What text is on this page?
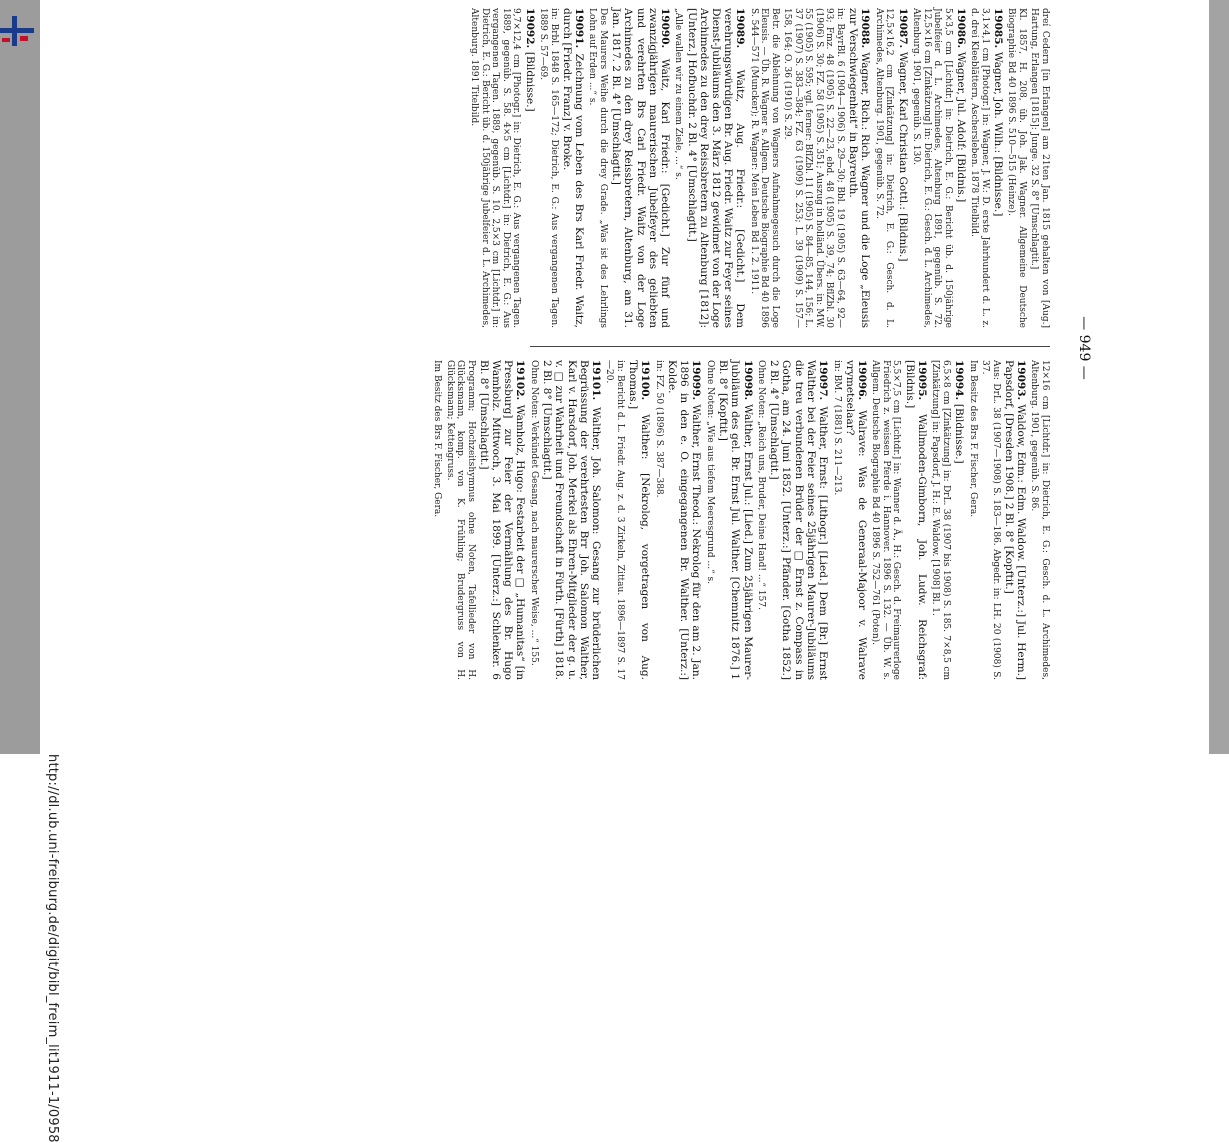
http://dl.ub.uni-freiburg.de/digit/bibl_freim_lit1911-1/0958
— 949 —
dreí Cedern [in Erlangen] am 21ten Jan. 1815 gehalten von [Aug.] Hartung, Erlangen [1815]: Junge. 32 S. 8° [Umschlagtit.]
Kl. 1857, H. 208, üb. Joh. Jak. Wagner. Allgemeine Deutsche Biographie Bd 40 1896 S. 510—515 (Heinze).
19085. Wagner, Joh. Wilh.: [Bildnisse.]
3,1×4,1 cm [Photogr.] in: Wagner, J. W.: D. erste Jahrhundert d. L. z. d. drei Kleeblättern, Aschersleben. 1878 Titelbild.
19086. Wagner, Jul. Adolf: [Bildnis.]
5×3,5 cm [Lichtdr.] in: Dietrich, E. G.: Bericht üb. d. 150jährige Jubelfeier d. L. Archimedes, Altenburg 1891, gegenüb. S. 72. 12,5×16 cm [Zinkätzung] in: Dietrich, E. G.: Gesch. d. L. Archimedes, Altenburg. 1901, gegenüb. S. 130.
19087. Wagner, Karl Christian Gottl.: [Bildnis.]
12,5×16,2 cm [Zinkätzung] in: Dietrich, E. G.: Gesch. d. L. Archimedes, Altenburg. 1901, gegenüb. S. 72.
19088. Wagner, Rich.: Rich. Wagner und die Loge „Eleusis zur Verschwiegenheit“ in Bayreuth.
in: BayrBl. 6 (1904—1906) S. 29—30; Bbl. 19 (1905) S. 63—64, 92—93; Fmz. 48 (1905) S. 22—23, ebd. 48 (1905) S. 39, 74; BflZbl. 30 (1906) S. 30; FZ. 58 (1905) S. 351; Auszug in holländ. Übers. in: MW. 55 (1905) S. 595; vgl. ferner: BflZbl. 11 (1905) S. 84—85, 144, 156; L. 37 (1907) S. 383—384; FZ. 63 (1909) S. 253; L. 39 (1909) S. 157—158, 164; O. 36 (1910) S. 29.
Betr. die Ablehnung von Wagners Aufnahmegesuch durch die Loge Eleusis. — Üb. R. Wagner s. Allgem. Deutsche Biographie Bd 40 1896 S. 544—571 (Muncker); R. Wagner: Mein Leben Bd 1. 2. 1911.
19089. Waitz, Aug. Friedr.: [Gedicht.] Dem verehrungswürdigen Br. Aug. Friedr. Waitz zur Feyer seines Dienst-Jubiläums den 3. März 1812 gewidmet von der Loge Archimedes zu den drey Reissbretern zu Altenburg [1812]: [Unterz.] Hofbuchdr. 2 Bl. 4° [Umschlagtit.]
„Alle wallen wir zu einem Ziele, ...“ s.
19090. Waitz, Karl Friedr.: [Gedicht.] Zur fünf und zwanzigjährigen maurerischen Jubelfeyer des geliebten und verehrten Brs Carl Friedr. Waitz von der Loge Archimedes zu den drey Reissbretern, Altenburg, am 31. Jan. 1817. 2 Bl. 4° [Umschlagtit.]
Des Maurers Weihe durch die drey Grade. „Was ist des Lehrlings Lohn auf Erden ...“ s.
19091. Zeichnung vom Leben des Brs Karl Friedr. Waitz, durch [Friedr. Franz] v. Broke.
in: Brbl. 1848 S. 165—172; Dietrich, E. G.: Aus vergangenen Tagen. 1889 S. 57—69.
19092. [Bildnisse.]
9,7×12,4 cm [Photogr.] in: Dietrich, E. G.: Aus vergangenen Tagen. 1889, gegenüb. S. 58. 4×5 cm [Lichtdr.] in: Dietrich, E. G.: Aus vergangenen Tagen. 1889, gegenüb. S. 10. 2,5×3 cm [Lichtdr.] in: Dietrich, E. G.: Bericht üb. d. 150jährige Jubelfeier d. L. Archimedes, Altenburg. 1891 Titelbild.
12×16 cm [Lichtdr.] in: Dietrich, E. G.: Gesch. d. L. Archimedes, Altenburg. 1901, gegenüb. S. 86.
19093. Waldow, Edm.: Edm. Waldow. [Unterz.:] Jul. Herm.] Papsdorf, [Dresden 1908.] 2 Bl. 8° [Kopftit.]
Aus: DrL. 38 (1907—1908) S. 183—186. Abgedr. in: LH. 20 (1908) S. 37.
Im Besitz des Brs F. Fischer, Gera.
19094. [Bildnisse.]
6,5×8 cm [Zinkätzung] in: DrL. 38 (1907 bis 1908) S. 185. 7×8,5 cm [Zinkätzung] in: Papsdorf, J. H.: E. Waldow. [1908] Bl. 1.
19095. Wallmoden-Gimborn, Joh. Ludw. Reichsgraf: [Bildnis.]
5,5×7,5 cm [Lichtdr.] in: Wanner d. Ä., H.: Gesch. d. Freimaurerloge Friedrich z. weissen Pferde i. Hannover. 1896 S. 132. — Üb. W. s. Allgem. Deutsche Biographie Bd 40 1896 S. 752—761 (Poten).
19096. Walrave: Was de Generaal-Majoor v. Walrave vrymetselaar?
in: BM. 7 (1881) S. 211—213.
19097. Walther, Ernst: [Lithogr.] [Lied.] Dem [Br.] Ernst Walther bei der Feier seines 25jährigen Maurer-Jubiläums die treu verbundenen Brüder der □ Ernst z. Compass in Gotha, am 24. Juni 1852. [Unterz.:] Pfänder. [Gotha 1852.] 2 Bl. 4° [Umschlagtit.]
Ohne Noten: „Reich uns, Bruder, Deine Hand! ...“ 157.
19098. Walther, Ernst Jul.: [Lied.] Zum 25jährigen Maurer-Jubiläum des gel. Br. Ernst Jul. Walther. [Chemnitz 1876.] 1 Bl. 8° [Kopftit.]
Ohne Noten: „Wie aus tiefem Meeresgrund ...“ s.
19099. Walther, Ernst Theod.: Nekrolog für den am 2. Jan. 1896 in den e. O. eingegangenen Br. Walther. [Unterz.:] Kolde.
in: FZ. 50 (1896) S. 387—388.
19100. Walther: [Nekrolog, vorgetragen von Aug. Thomas.]
in: Bericht d. L. Friedr. Aug. z. d. 3 Zirkeln, Zittau. 1896—1897 S. 17—20.
19101. Walther, Joh. Salomon: Gesang zur brüderlichen Begrüssung der verehrtesten Brr Joh. Salomon Walther, Karl v. Harsdorf, Joh. Merkel als Ehren-Mitglieder der g. u. v. □ zur Wahrheit und Freundschaft in Fürth. [Fürth] 1818. 2 Bl. 8° [Umschlagtit.]
Ohne Noten: Verkündet Gesang, nach maurerscher Weise, ...“ 155.
19102. Wamholz, Hugo: Festarbeit der □ „Humanitas“ [in Pressburg] zur Feier der Vermählung des Br. Hugo Wamholz. Mittwoch, 3. Mai 1899. [Unterz.:] Schlenker. 6 Bl. 8° [Umschlagtit.]
Programm; Hochzeitshymnus ohne Noten, Tafellieder von H. Glücksmann, komp. von K. Frühling; Brudergruss von H. Glücksmann; Kettengruss.
Im Besitz des Brs F. Fischer, Gera.
